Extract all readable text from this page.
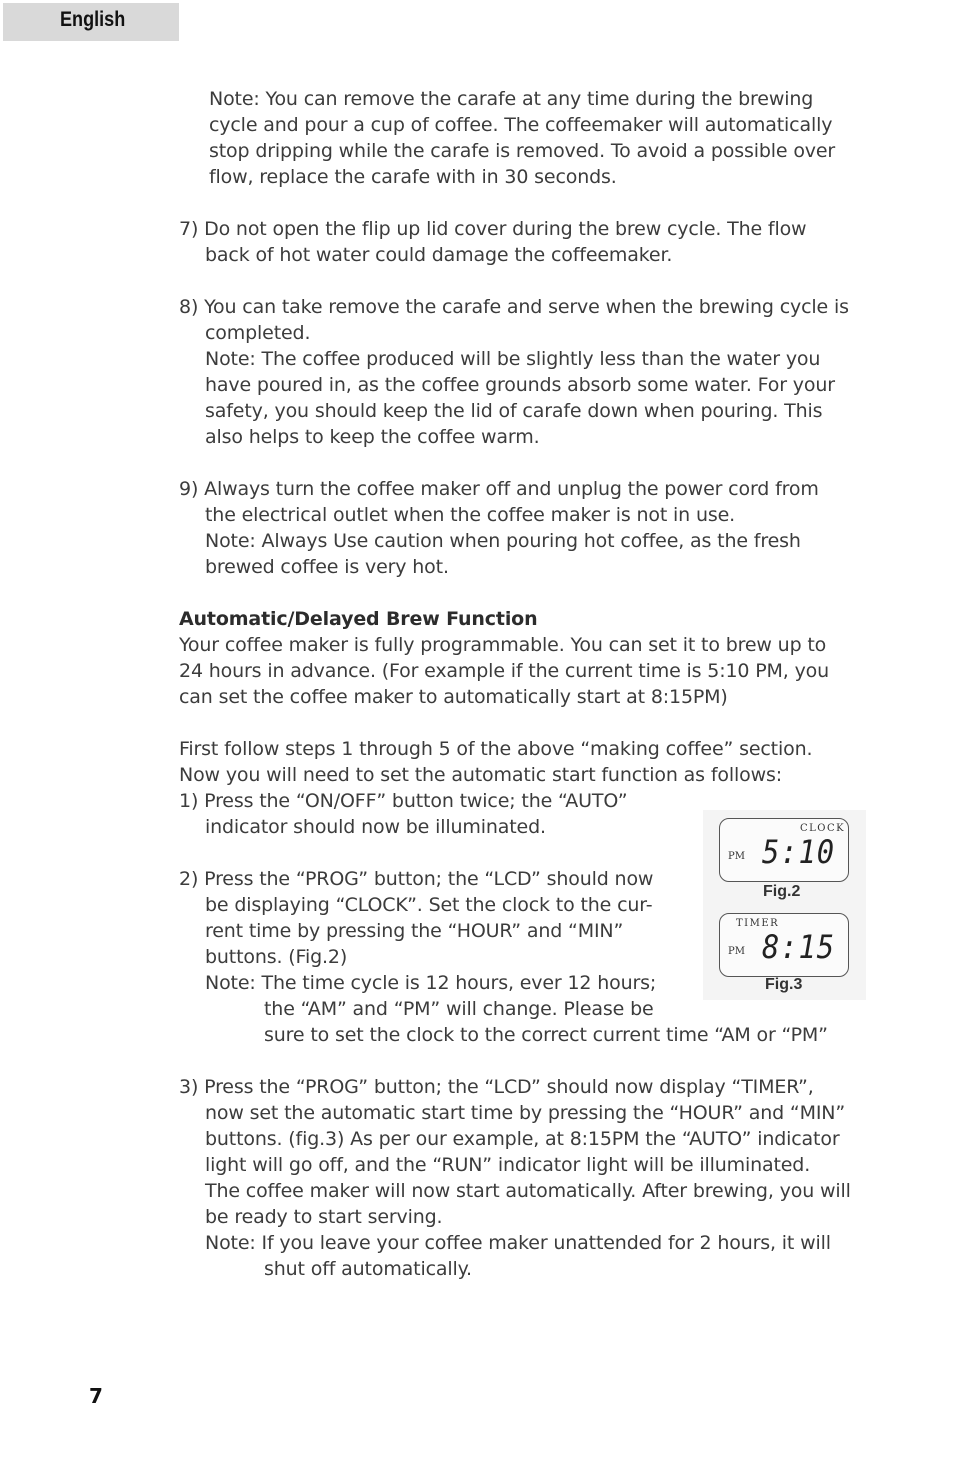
English
Note: You can remove the carafe at any time during the brewing
cycle and pour a cup of coffee. The coffeemaker will automatically
stop dripping while the carafe is removed. To avoid a possible over
flow, replace the carafe with in 30 seconds.
7) Do not open the flip up lid cover during the brew cycle. The flow
back of hot water could damage the coffeemaker.
8) You can take remove the carafe and serve when the brewing cycle is
completed.
Note: The coffee produced will be slightly less than the water you
have poured in, as the coffee grounds absorb some water. For your
safety, you should keep the lid of carafe down when pouring. This
also helps to keep the coffee warm.
9) Always turn the coffee maker off and unplug the power cord from
the electrical outlet when the coffee maker is not in use.
Note: Always Use caution when pouring hot coffee, as the fresh
brewed coffee is very hot.
Automatic/Delayed Brew Function
Your coffee maker is fully programmable. You can set it to brew up to
24 hours in advance. (For example if the current time is 5:10 PM, you
can set the coffee maker to automatically start at 8:15PM)
First follow steps 1 through 5 of the above “making coffee” section.
Now you will need to set the automatic start function as follows:
1) Press the “ON/OFF” button twice; the “AUTO”
indicator should now be illuminated.
2) Press the “PROG” button; the “LCD” should now
be displaying “CLOCK”. Set the clock to the cur-
rent time by pressing the “HOUR” and “MIN”
buttons. (Fig.2)
Note: The time cycle is 12 hours, ever 12 hours;
the “AM” and “PM” will change. Please be
sure to set the clock to the correct current time “AM or “PM”
3) Press the “PROG” button; the “LCD” should now display “TIMER”,
now set the automatic start time by pressing the “HOUR” and “MIN”
buttons. (fig.3) As per our example, at 8:15PM the “AUTO” indicator
light will go off, and the “RUN” indicator light will be illuminated.
The coffee maker will now start automatically. After brewing, you will
be ready to start serving.
Note: If you leave your coffee maker unattended for 2 hours, it will
shut off automatically.
CLOCK
PM 5:10
Fig.2
TIMER
PM 8:15
Fig.3
7
